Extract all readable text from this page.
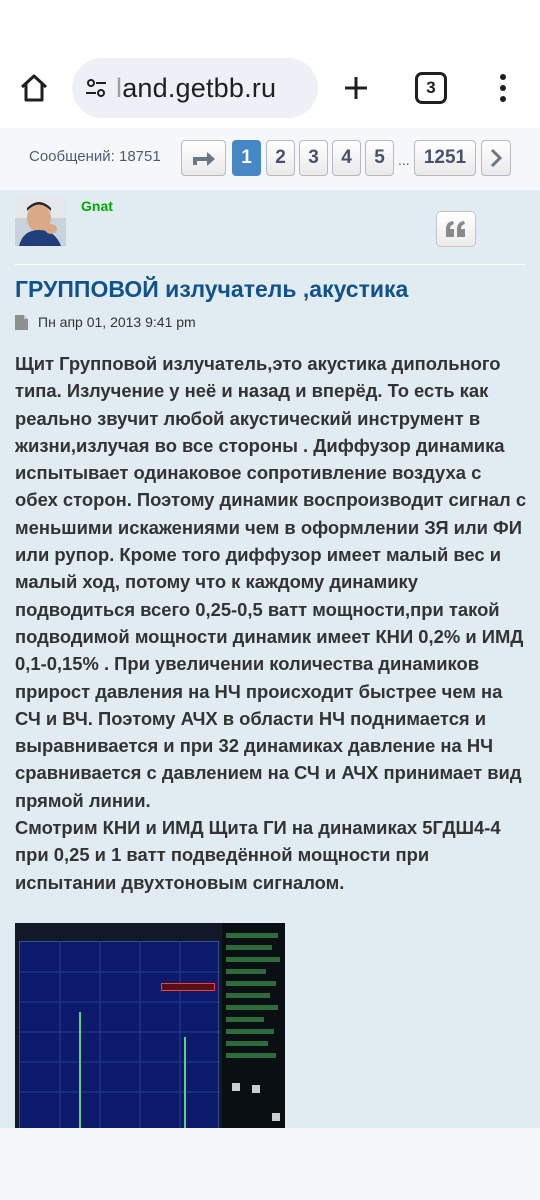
land.getbb.ru	3
Сообщений: 18751	1	2	3	4	5 ... 1251
Gnat
ГРУППОВОЙ излучатель ,акустика
Пн апр 01, 2013 9:41 pm
Щит Групповой излучатель,это акустика дипольного типа. Излучение у неё и назад и вперёд. То есть как реально звучит любой акустический инструмент в жизни,излучая во все стороны . Диффузор динамика испытывает одинаковое сопротивление воздуха с обех сторон. Поэтому динамик воспроизводит сигнал с меньшими искажениями чем в оформлении ЗЯ или ФИ или рупор. Кроме того диффузор имеет малый вес и малый ход, потому что к каждому динамику подводиться всего 0,25-0,5 ватт мощности,при такой подводимой мощности динамик имеет КНИ 0,2% и ИМД 0,1-0,15% . При увеличении количества динамиков прирост давления на НЧ происходит быстрее чем на СЧ и ВЧ. Поэтому АЧХ в области НЧ поднимается и выравнивается и при 32 динамиках давление на НЧ сравнивается с давлением на СЧ и АЧХ принимает вид прямой линии.
Смотрим КНИ и ИМД Щита ГИ на динамиках 5ГДШ4-4 при 0,25 и 1 ватт подведённой мощности при испытании двухтоновым сигналом.
